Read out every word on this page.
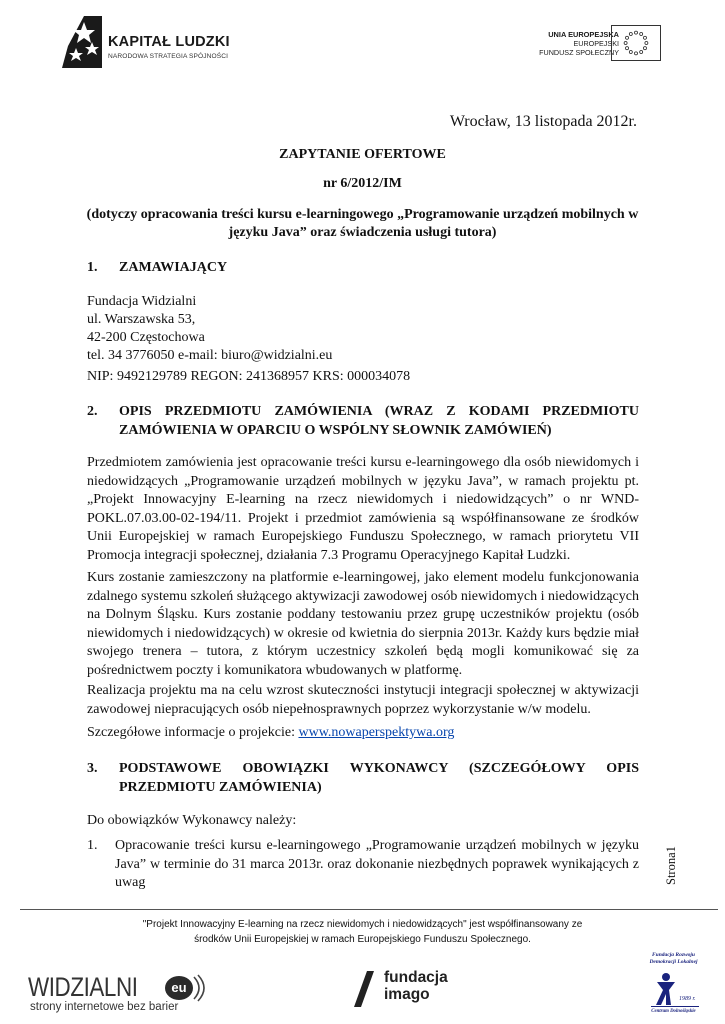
KAPITAŁ LUDZKI
NARODOWA STRATEGIA SPÓJNOŚCI
UNIA EUROPEJSKA
EUROPEJSKI
FUNDUSZ SPOŁECZNY
Wrocław, 13 listopada 2012r.
ZAPYTANIE OFERTOWE
nr 6/2012/IM
(dotyczy opracowania treści kursu e-learningowego „Programowanie urządzeń mobilnych w języku Java” oraz świadczenia usługi tutora)
1.	ZAMAWIAJĄCY
Fundacja Widzialni
ul. Warszawska 53,
42-200 Częstochowa
tel. 34 3776050 e-mail: biuro@widzialni.eu
NIP: 9492129789 REGON: 241368957 KRS: 000034078
2.	OPIS PRZEDMIOTU ZAMÓWIENIA (WRAZ Z KODAMI PRZEDMIOTU ZAMÓWIENIA W OPARCIU O WSPÓLNY SŁOWNIK ZAMÓWIEŃ)
Przedmiotem zamówienia jest opracowanie treści kursu e-learningowego dla osób niewidomych i niedowidzących „Programowanie urządzeń mobilnych w języku Java”, w ramach projektu pt.„Projekt Innowacyjny E-learning na rzecz niewidomych i niedowidzących” o nr WND-POKL.07.03.00-02-194/11. Projekt i przedmiot zamówienia są współfinansowane ze środków Unii Europejskiej w ramach Europejskiego Funduszu Społecznego, w ramach priorytetu VII Promocja integracji społecznej, działania 7.3 Programu Operacyjnego Kapitał Ludzki.
Kurs zostanie zamieszczony na platformie e-learningowej, jako element modelu funkcjonowania zdalnego systemu szkoleń służącego aktywizacji zawodowej osób niewidomych i niedowidzących na Dolnym Śląsku. Kurs zostanie poddany testowaniu przez grupę uczestników projektu (osób niewidomych i niedowidzących) w okresie od kwietnia do sierpnia 2013r. Każdy kurs będzie miał swojego trenera – tutora, z którym uczestnicy szkoleń będą mogli komunikować się za pośrednictwem poczty i komunikatora wbudowanych w platformę.
Realizacja projektu ma na celu wzrost skuteczności instytucji integracji społecznej w aktywizacji zawodowej niepracujących osób niepełnosprawnych poprzez wykorzystanie w/w modelu.
Szczegółowe informacje o projekcie: www.nowaperspektywa.org
3.	PODSTAWOWE OBOWIĄZKI WYKONAWCY (SZCZEGÓŁOWY OPIS PRZEDMIOTU ZAMÓWIENIA)
Do obowiązków Wykonawcy należy:
1.	Opracowanie treści kursu e-learningowego „Programowanie urządzeń mobilnych w języku Java” w terminie do 31 marca 2013r. oraz dokonanie niezbędnych poprawek wynikających z uwag	Strona1
"Projekt Innowacyjny E-learning na rzecz niewidomych i niedowidzących" jest współfinansowany ze
środków Unii Europejskiej w ramach Europejskiego Funduszu Społecznego.
WIDZIALNI	eu
strony internetowe bez barier
fundacja
imago
Fundacja Rozwoju Demokracji Lokalnej
1989 r.
Centrum Dolnośląskie
